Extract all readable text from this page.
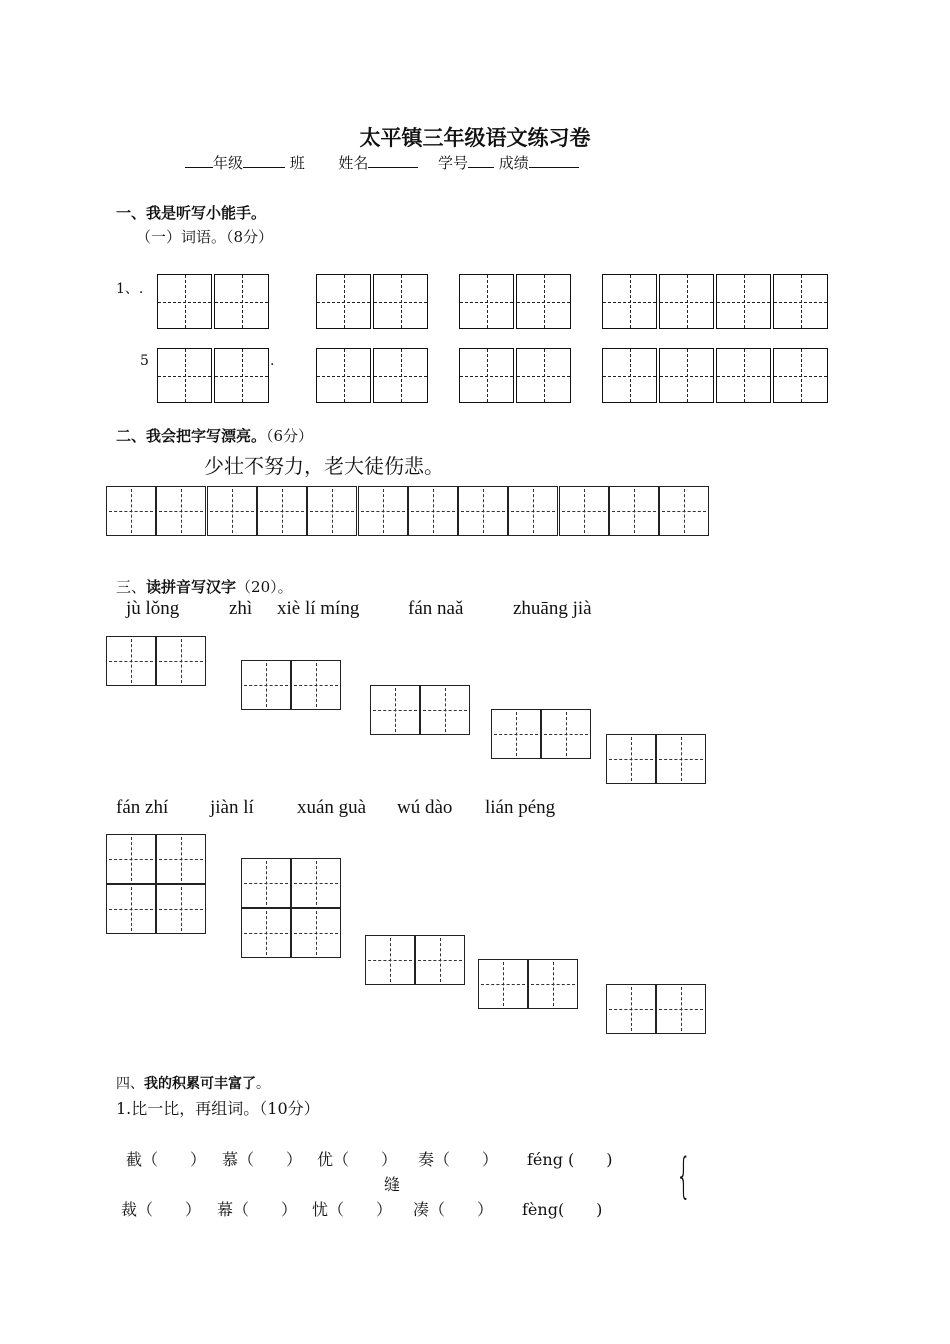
太平镇三年级语文练习卷
年级	班 姓名	学号 成绩
一、我是听写小能手。
（一）词语。（8分）
1、.
5	.
二、我会把字写漂亮。（6分）
少壮不努力，老大徒伤悲。
三、读拼音写汉字（20）。
jù lǒng	zhì xiè lí míng	fán naǎ	zhuāng jià
fán zhí jiàn lí xuán guà wú dào lián péng
四、我的积累可丰富了。
1.比一比，再组词。（10分）
截（　　） 慕（　　） 优（　　） 奏（　　） féng (　　)
缝
裁（　　） 幕（　　） 忧（　　） 凑（　　） fèng(　　)
{
